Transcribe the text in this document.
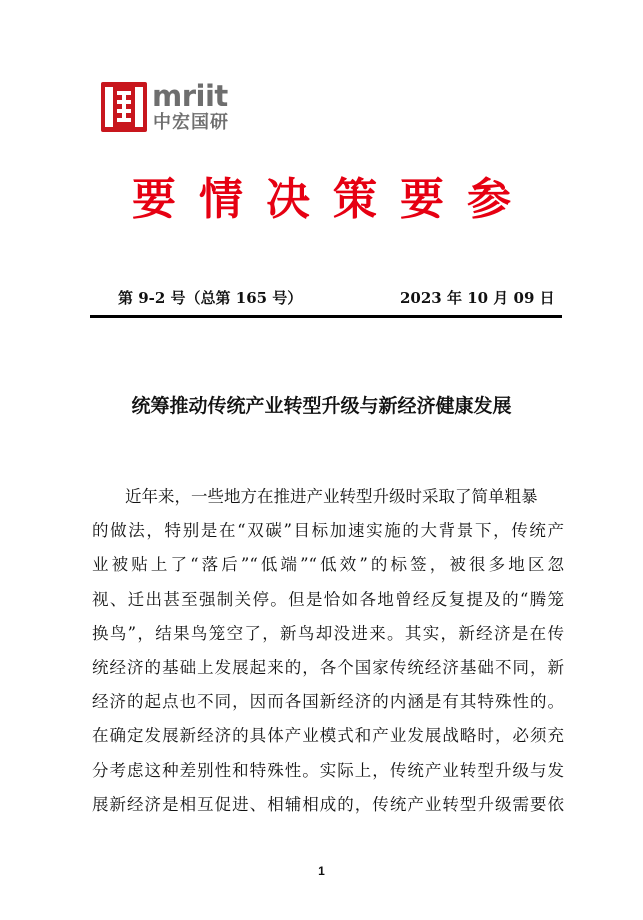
mriit
中宏国研
要情决策要参
第 9-2 号（总第 165 号）	2023 年 10 月 09 日
统筹推动传统产业转型升级与新经济健康发展
近年来，一些地方在推进产业转型升级时采取了简单粗暴
的做法，特别是在“双碳”目标加速实施的大背景下，传统产
业被贴上了“落后”“低端”“低效”的标签，被很多地区忽
视、迁出甚至强制关停。但是恰如各地曾经反复提及的“腾笼
换鸟”，结果鸟笼空了，新鸟却没进来。其实，新经济是在传
统经济的基础上发展起来的，各个国家传统经济基础不同，新
经济的起点也不同，因而各国新经济的内涵是有其特殊性的。
在确定发展新经济的具体产业模式和产业发展战略时，必须充
分考虑这种差别性和特殊性。实际上，传统产业转型升级与发
展新经济是相互促进、相辅相成的，传统产业转型升级需要依
1
